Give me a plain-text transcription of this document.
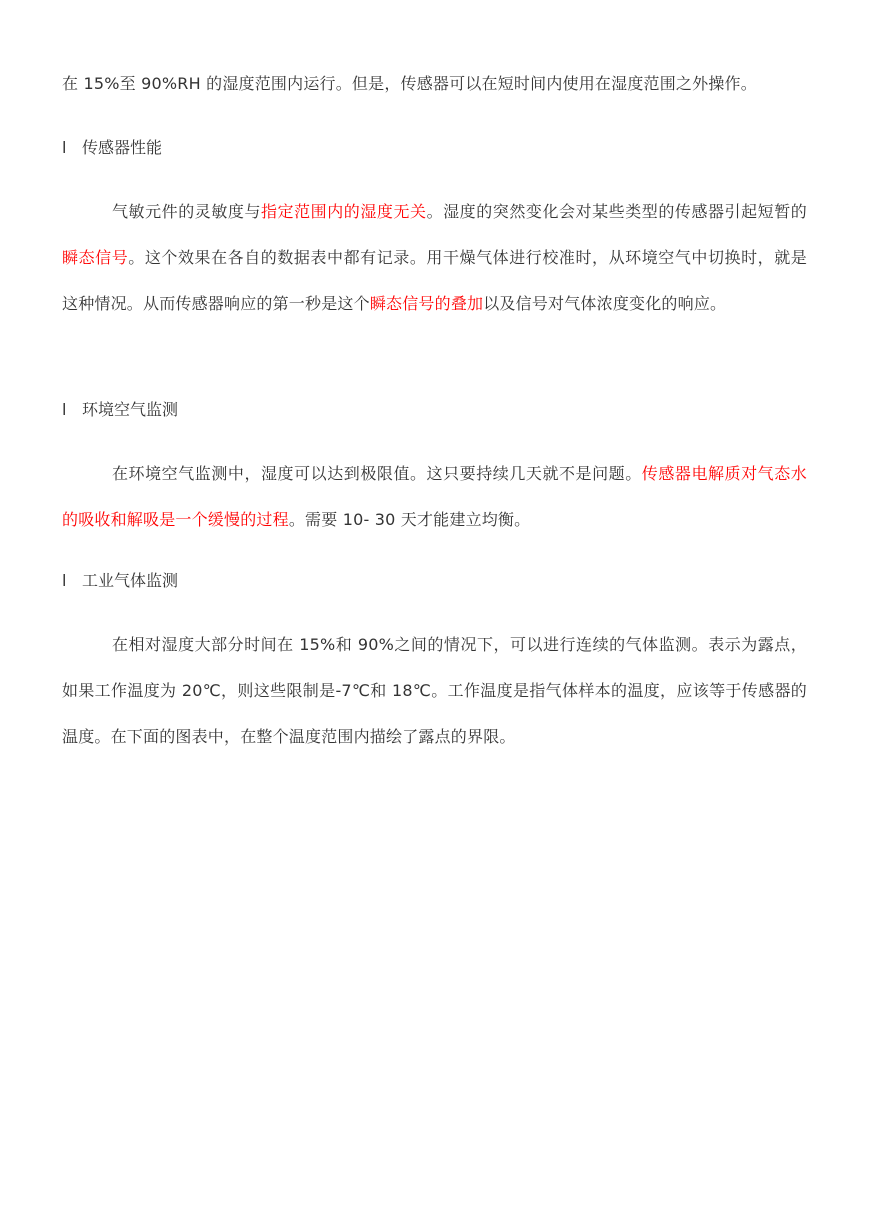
在 15%至 90%RH 的湿度范围内运行。但是，传感器可以在短时间内使用在湿度范围之外操作。

l 传感器性能

气敏元件的灵敏度与指定范围内的湿度无关。湿度的突然变化会对某些类型的传感器引起短暂的瞬态信号。这个效果在各自的数据表中都有记录。用干燥气体进行校准时，从环境空气中切换时，就是这种情况。从而传感器响应的第一秒是这个瞬态信号的叠加以及信号对气体浓度变化的响应。

l 环境空气监测

在环境空气监测中，湿度可以达到极限值。这只要持续几天就不是问题。传感器电解质对气态水的吸收和解吸是一个缓慢的过程。需要 10- 30 天才能建立均衡。

l 工业气体监测

在相对湿度大部分时间在 15%和 90%之间的情况下，可以进行连续的气体监测。表示为露点，如果工作温度为 20℃，则这些限制是-7℃和 18℃。工作温度是指气体样本的温度，应该等于传感器的温度。在下面的图表中，在整个温度范围内描绘了露点的界限。
